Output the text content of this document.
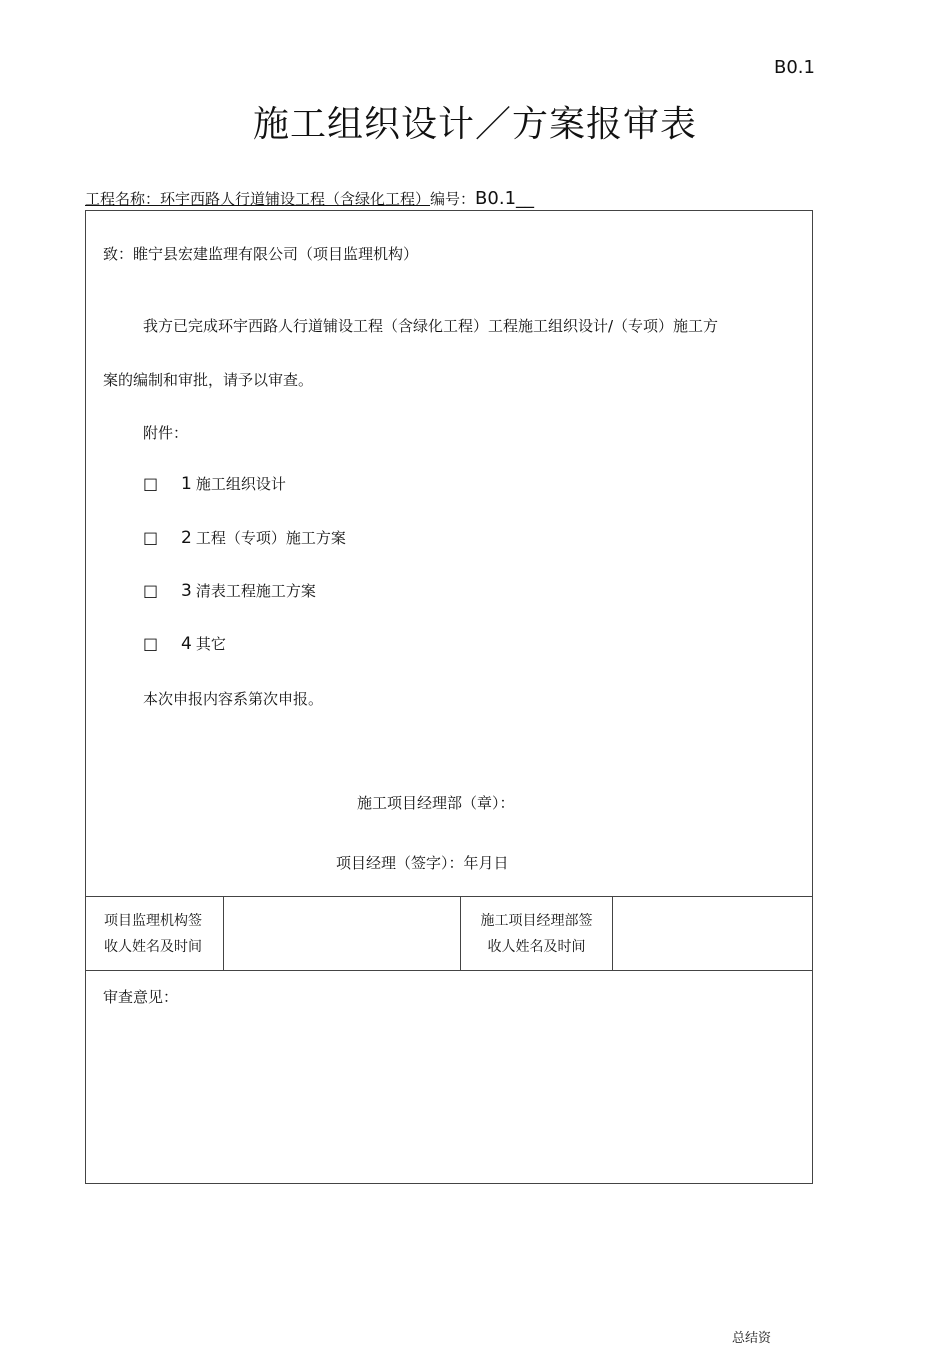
B0.1
施工组织设计／方案报审表
工程名称：环宇西路人行道铺设工程（含绿化工程）编号：B0.1__
致：睢宁县宏建监理有限公司（项目监理机构）
我方已完成环宇西路人行道铺设工程（含绿化工程）工程施工组织设计/（专项）施工方
案的编制和审批，请予以审查。
附件：
□ 1 施工组织设计
□ 2 工程（专项）施工方案
□ 3 清表工程施工方案
□ 4 其它
本次申报内容系第次申报。
施工项目经理部（章）：
项目经理（签字）：年月日
项目监理机构签
收人姓名及时间
施工项目经理部签
收人姓名及时间
审查意见：
总结资
